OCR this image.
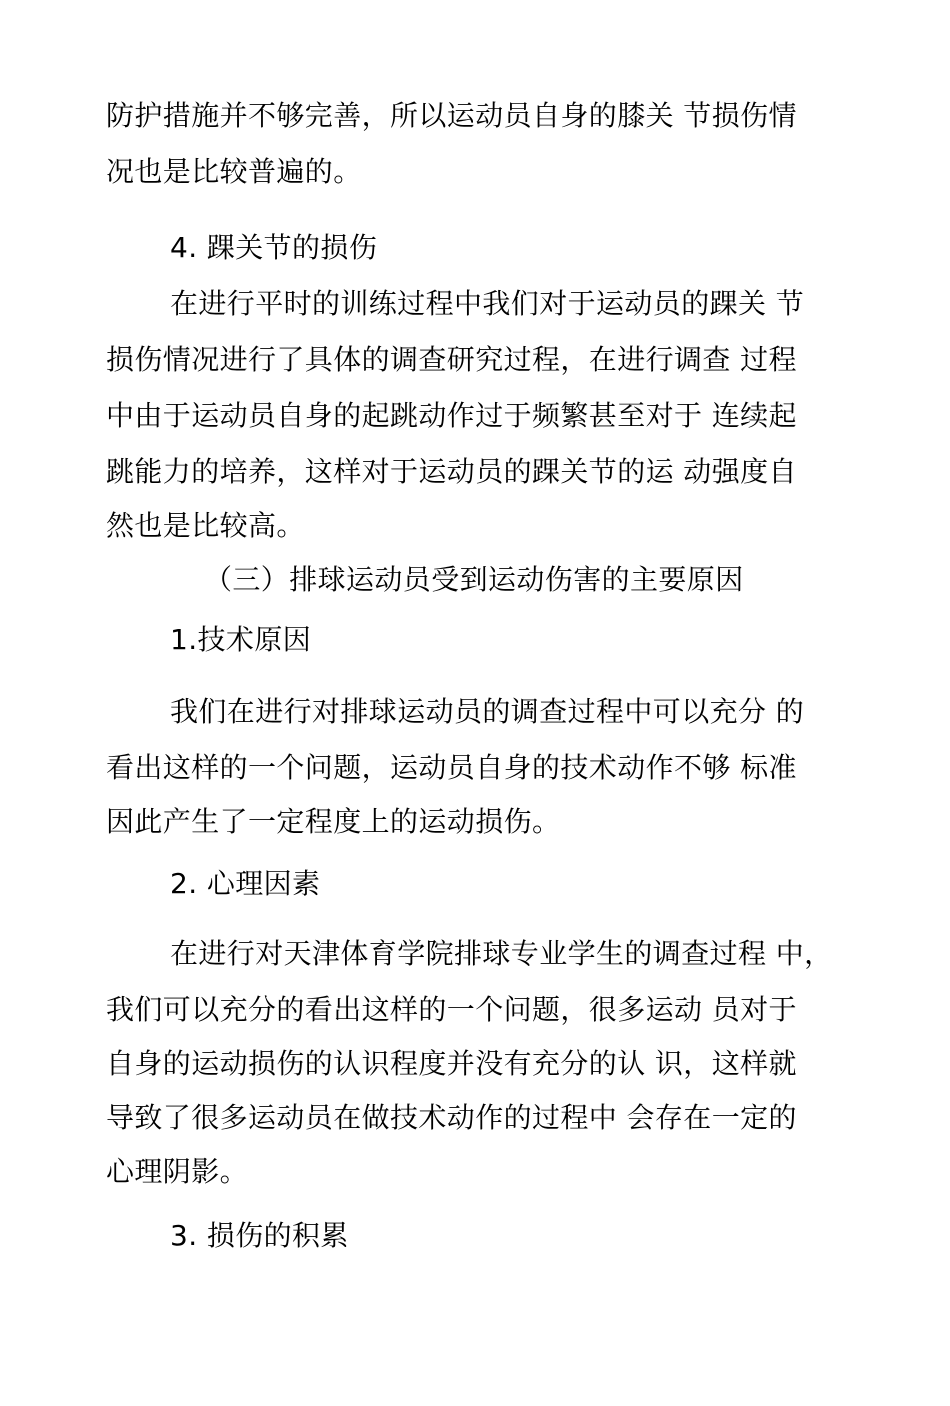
防护措施并不够完善，所以运动员自身的膝关 节损伤情
况也是比较普遍的。
4. 踝关节的损伤
在进行平时的训练过程中我们对于运动员的踝关 节
损伤情况进行了具体的调查研究过程，在进行调查 过程
中由于运动员自身的起跳动作过于频繁甚至对于 连续起
跳能力的培养，这样对于运动员的踝关节的运 动强度自
然也是比较高。
（三）排球运动员受到运动伤害的主要原因
1.技术原因
我们在进行对排球运动员的调查过程中可以充分 的
看出这样的一个问题，运动员自身的技术动作不够 标准
因此产生了一定程度上的运动损伤。
2. 心理因素
在进行对天津体育学院排球专业学生的调查过程 中，
我们可以充分的看出这样的一个问题，很多运动 员对于
自身的运动损伤的认识程度并没有充分的认 识，这样就
导致了很多运动员在做技术动作的过程中 会存在一定的
心理阴影。
3. 损伤的积累
